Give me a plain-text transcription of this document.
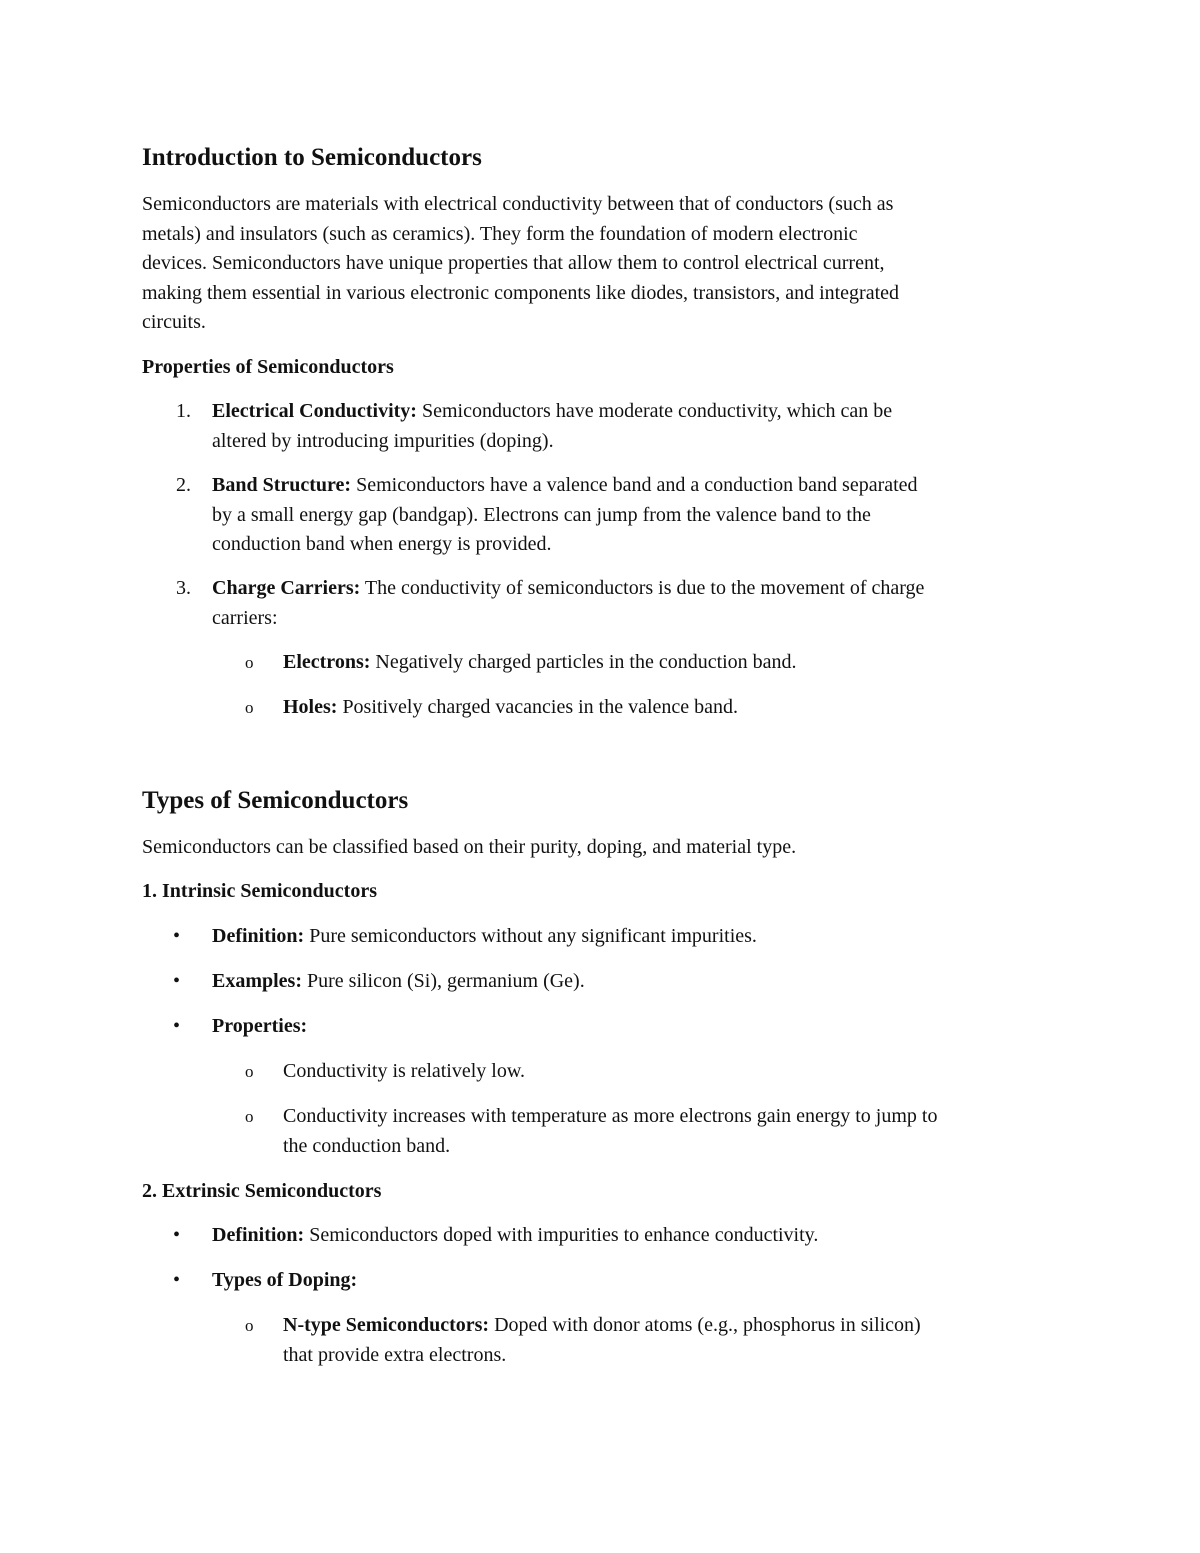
Introduction to Semiconductors

Semiconductors are materials with electrical conductivity between that of conductors (such as
metals) and insulators (such as ceramics). They form the foundation of modern electronic
devices. Semiconductors have unique properties that allow them to control electrical current,
making them essential in various electronic components like diodes, transistors, and integrated
circuits.

Properties of Semiconductors
1. Electrical Conductivity: Semiconductors have moderate conductivity, which can be
altered by introducing impurities (doping).
2. Band Structure: Semiconductors have a valence band and a conduction band separated
by a small energy gap (bandgap). Electrons can jump from the valence band to the
conduction band when energy is provided.
3. Charge Carriers: The conductivity of semiconductors is due to the movement of charge
carriers:
o Electrons: Negatively charged particles in the conduction band.
o Holes: Positively charged vacancies in the valence band.
Types of Semiconductors

Semiconductors can be classified based on their purity, doping, and material type.

1. Intrinsic Semiconductors
• Definition: Pure semiconductors without any significant impurities.
• Examples: Pure silicon (Si), germanium (Ge).
• Properties:
o Conductivity is relatively low.
o Conductivity increases with temperature as more electrons gain energy to jump to
the conduction band.
2. Extrinsic Semiconductors
• Definition: Semiconductors doped with impurities to enhance conductivity.
• Types of Doping:
o N-type Semiconductors: Doped with donor atoms (e.g., phosphorus in silicon)
that provide extra electrons.
